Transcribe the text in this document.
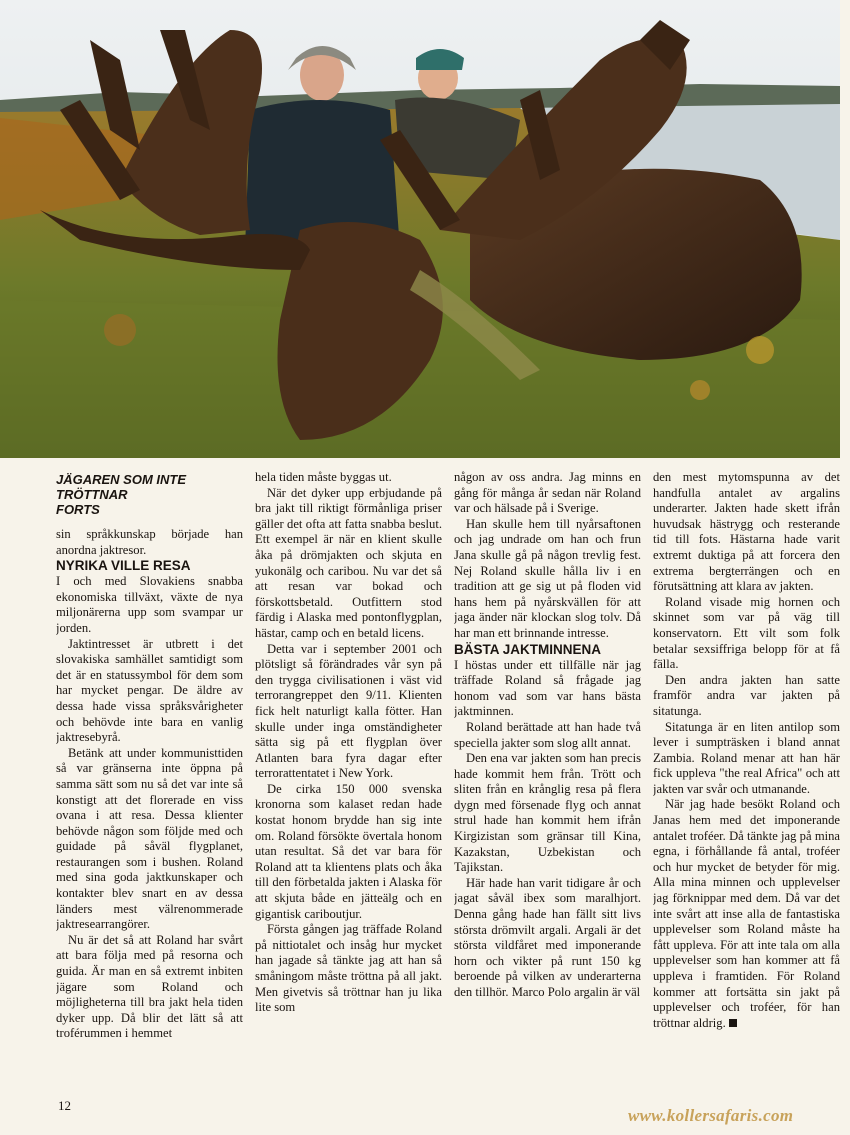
JÄGAREN SOM INTE
TRÖTTNAR
FORTS

sin språkkunskap började han anordna jaktresor.

NYRIKA VILLE RESA

I och med Slovakiens snabba ekonomiska tillväxt, växte de nya miljonärerna upp som svampar ur jorden.

Jaktintresset är utbrett i det slovakiska samhället samtidigt som det är en statussymbol för dem som har mycket pengar. De äldre av dessa hade vissa språksvårigheter och behövde inte bara en vanlig jaktresebyrå.

Betänk att under kommunisttiden så var gränserna inte öppna på samma sätt som nu så det var inte så konstigt att det florerade en viss ovana i att resa. Dessa klienter behövde någon som följde med och guidade på såväl flygplanet, restaurangen som i bushen. Roland med sina goda jaktkunskaper och kontakter blev snart en av dessa länders mest välrenommerade jaktresearrangörer.

Nu är det så att Roland har svårt att bara följa med på resorna och guida. Är man en så extremt inbiten jägare som Roland och möjligheterna till bra jakt hela tiden dyker upp. Då blir det lätt så att troférummen i hemmet

hela tiden måste byggas ut.

När det dyker upp erbjudande på bra jakt till riktigt förmånliga priser gäller det ofta att fatta snabba beslut. Ett exempel är när en klient skulle åka på drömjakten och skjuta en yukonälg och caribou. Nu var det så att resan var bokad och förskottsbetald. Outfittern stod färdig i Alaska med pontonflygplan, hästar, camp och en betald licens.

Detta var i september 2001 och plötsligt så förändrades vår syn på den trygga civilisationen i väst vid terrorangreppet den 9/11. Klienten fick helt naturligt kalla fötter. Han skulle under inga omständigheter sätta sig på ett flygplan över Atlanten bara fyra dagar efter terrorattentatet i New York.

De cirka 150 000 svenska kronorna som kalaset redan hade kostat honom brydde han sig inte om. Roland försökte övertala honom utan resultat. Så det var bara för Roland att ta klientens plats och åka till den förbetalda jakten i Alaska för att skjuta både en jätteälg och en gigantisk cariboutjur.

Första gången jag träffade Roland på nittiotalet och insåg hur mycket han jagade så tänkte jag att han så småningom måste tröttna på all jakt. Men givetvis så tröttnar han ju lika lite som

någon av oss andra. Jag minns en gång för många år sedan när Roland var och hälsade på i Sverige.

Han skulle hem till nyårsaftonen och jag undrade om han och frun Jana skulle gå på någon trevlig fest. Nej Roland skulle hålla liv i en tradition att ge sig ut på floden vid hans hem på nyårskvällen för att jaga änder när klockan slog tolv. Då har man ett brinnande intresse.

BÄSTA JAKTMINNENA

I höstas under ett tillfälle när jag träffade Roland så frågade jag honom vad som var hans bästa jaktminnen.

Roland berättade att han hade två speciella jakter som slog allt annat.

Den ena var jakten som han precis hade kommit hem från. Trött och sliten från en krånglig resa på flera dygn med försenade flyg och annat strul hade han kommit hem ifrån Kirgizistan som gränsar till Kina, Kazakstan, Uzbekistan och Tajikstan.

Här hade han varit tidigare år och jagat såväl ibex som maralhjort. Denna gång hade han fällt sitt livs största drömvilt argali. Argali är det största vildfåret med imponerande horn och vikter på runt 150 kg beroende på vilken av underarterna den tillhör. Marco Polo argalin är väl

den mest mytomspunna av det handfulla antalet av argalins underarter. Jakten hade skett ifrån huvudsak hästrygg och resterande tid till fots. Hästarna hade varit extremt duktiga på att forcera den extrema bergterrängen och en förutsättning att klara av jakten.

Roland visade mig hornen och skinnet som var på väg till konservatorn. Ett vilt som folk betalar sexsiffriga belopp för at få fälla.

Den andra jakten han satte framför andra var jakten på sitatunga.

Sitatunga är en liten antilop som lever i sumpträsken i bland annat Zambia. Roland menar att han här fick uppleva "the real Africa" och att jakten var svår och utmanande.

När jag hade besökt Roland och Janas hem med det imponerande antalet troféer. Då tänkte jag på mina egna, i förhållande få antal, troféer och hur mycket de betyder för mig. Alla mina minnen och upplevelser jag förknippar med dem. Då var det inte svårt att inse alla de fantastiska upplevelser som Roland måste ha fått uppleva. För att inte tala om alla upplevelser som han kommer att få uppleva i framtiden. För Roland kommer att fortsätta sin jakt på upplevelser och troféer, för han tröttnar aldrig.

12
www.kollersafaris.com
